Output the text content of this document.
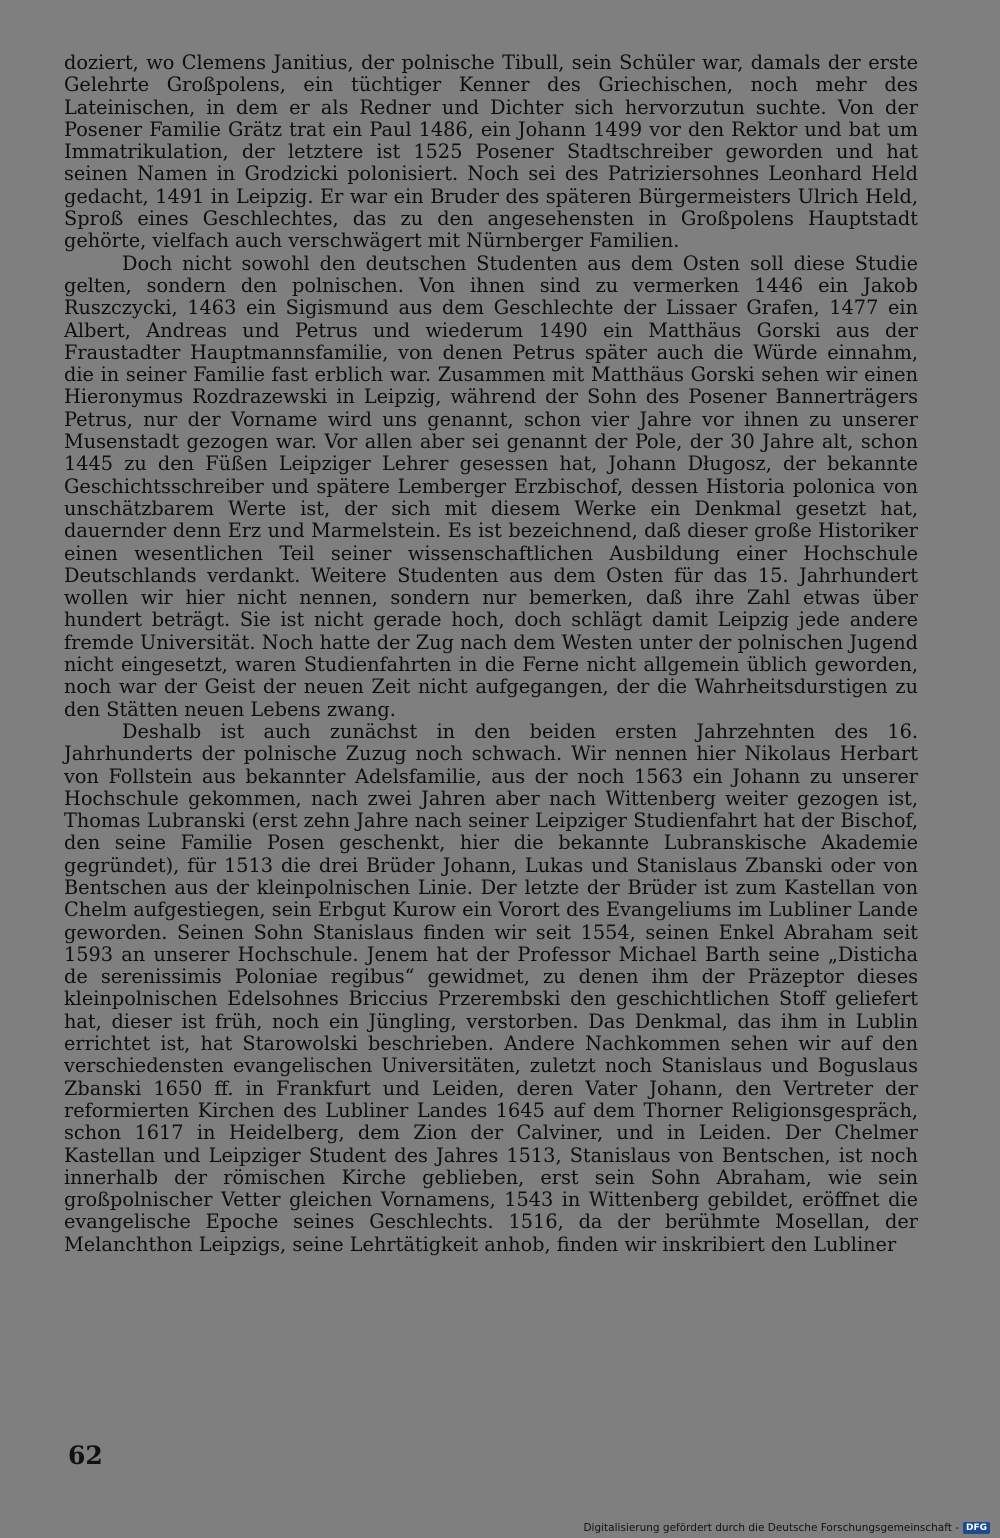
doziert, wo Clemens Janitius, der polnische Tibull, sein Schüler war, damals der erste Gelehrte Großpolens, ein tüchtiger Kenner des Griechischen, noch mehr des Lateinischen, in dem er als Redner und Dichter sich hervorzutun suchte. Von der Posener Familie Grätz trat ein Paul 1486, ein Johann 1499 vor den Rektor und bat um Immatrikulation, der letztere ist 1525 Posener Stadtschreiber geworden und hat seinen Namen in Grodzicki polonisiert. Noch sei des Patriziersohnes Leonhard Held gedacht, 1491 in Leipzig. Er war ein Bruder des späteren Bürgermeisters Ulrich Held, Sproß eines Geschlechtes, das zu den angesehensten in Großpolens Hauptstadt gehörte, vielfach auch verschwägert mit Nürnberger Familien.

Doch nicht sowohl den deutschen Studenten aus dem Osten soll diese Studie gelten, sondern den polnischen. Von ihnen sind zu vermerken 1446 ein Jakob Ruszczycki, 1463 ein Sigismund aus dem Geschlechte der Lissaer Grafen, 1477 ein Albert, Andreas und Petrus und wiederum 1490 ein Matthäus Gorski aus der Fraustadter Hauptmannsfamilie, von denen Petrus später auch die Würde einnahm, die in seiner Familie fast erblich war. Zusammen mit Matthäus Gorski sehen wir einen Hieronymus Rozdrazewski in Leipzig, während der Sohn des Posener Bannerträgers Petrus, nur der Vorname wird uns genannt, schon vier Jahre vor ihnen zu unserer Musenstadt gezogen war. Vor allen aber sei genannt der Pole, der 30 Jahre alt, schon 1445 zu den Füßen Leipziger Lehrer gesessen hat, Johann Długosz, der bekannte Geschichtsschreiber und spätere Lemberger Erzbischof, dessen Historia polonica von unschätzbarem Werte ist, der sich mit diesem Werke ein Denkmal gesetzt hat, dauernder denn Erz und Marmelstein. Es ist bezeichnend, daß dieser große Historiker einen wesentlichen Teil seiner wissenschaftlichen Ausbildung einer Hochschule Deutschlands verdankt. Weitere Studenten aus dem Osten für das 15. Jahrhundert wollen wir hier nicht nennen, sondern nur bemerken, daß ihre Zahl etwas über hundert beträgt. Sie ist nicht gerade hoch, doch schlägt damit Leipzig jede andere fremde Universität. Noch hatte der Zug nach dem Westen unter der polnischen Jugend nicht eingesetzt, waren Studienfahrten in die Ferne nicht allgemein üblich geworden, noch war der Geist der neuen Zeit nicht aufgegangen, der die Wahrheitsdurstigen zu den Stätten neuen Lebens zwang.

Deshalb ist auch zunächst in den beiden ersten Jahrzehnten des 16. Jahrhunderts der polnische Zuzug noch schwach. Wir nennen hier Nikolaus Herbart von Follstein aus bekannter Adelsfamilie, aus der noch 1563 ein Johann zu unserer Hochschule gekommen, nach zwei Jahren aber nach Wittenberg weiter gezogen ist, Thomas Lubranski (erst zehn Jahre nach seiner Leipziger Studienfahrt hat der Bischof, den seine Familie Posen geschenkt, hier die bekannte Lubranskische Akademie gegründet), für 1513 die drei Brüder Johann, Lukas und Stanislaus Zbanski oder von Bentschen aus der kleinpolnischen Linie. Der letzte der Brüder ist zum Kastellan von Chelm aufgestiegen, sein Erbgut Kurow ein Vorort des Evangeliums im Lubliner Lande geworden. Seinen Sohn Stanislaus finden wir seit 1554, seinen Enkel Abraham seit 1593 an unserer Hochschule. Jenem hat der Professor Michael Barth seine „Disticha de serenissimis Poloniae regibus“ gewidmet, zu denen ihm der Präzeptor dieses kleinpolnischen Edelsohnes Briccius Przerembski den geschichtlichen Stoff geliefert hat, dieser ist früh, noch ein Jüngling, verstorben. Das Denkmal, das ihm in Lublin errichtet ist, hat Starowolski beschrieben. Andere Nachkommen sehen wir auf den verschiedensten evangelischen Universitäten, zuletzt noch Stanislaus und Boguslaus Zbanski 1650 ff. in Frankfurt und Leiden, deren Vater Johann, den Vertreter der reformierten Kirchen des Lubliner Landes 1645 auf dem Thorner Religionsgespräch, schon 1617 in Heidelberg, dem Zion der Calviner, und in Leiden. Der Chelmer Kastellan und Leipziger Student des Jahres 1513, Stanislaus von Bentschen, ist noch innerhalb der römischen Kirche geblieben, erst sein Sohn Abraham, wie sein großpolnischer Vetter gleichen Vornamens, 1543 in Wittenberg gebildet, eröffnet die evangelische Epoche seines Geschlechts. 1516, da der berühmte Mosellan, der Melanchthon Leipzigs, seine Lehrtätigkeit anhob, finden wir inskribiert den Lubliner

62
Digitalisierung gefördert durch die Deutsche Forschungsgemeinschaft - DFG
